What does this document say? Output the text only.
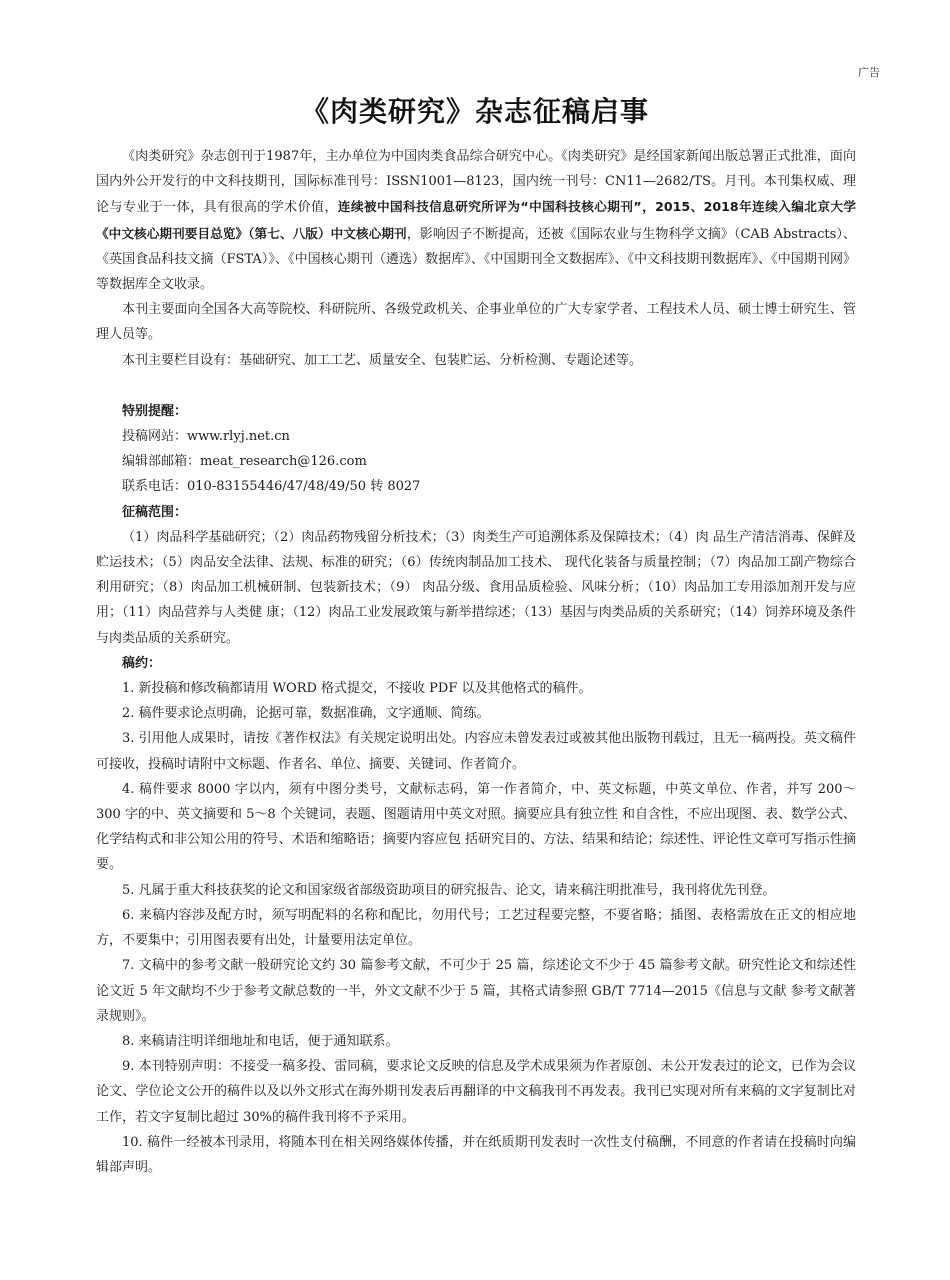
广告
《肉类研究》杂志征稿启事

《肉类研究》杂志创刊于1987年，主办单位为中国肉类食品综合研究中心。《肉类研究》是经国家新闻出版总署正式批准，面向国内外公开发行的中文科技期刊，国际标准刊号：ISSN1001—8123，国内统一刊号：CN11—2682/TS。月刊。本刊集权威、理论与专业于一体，具有很高的学术价值，连续被中国科技信息研究所评为“中国科技核心期刊”，2015、2018年连续入编北京大学《中文核心期刊要目总览》（第七、八版）中文核心期刊，影响因子不断提高，还被《国际农业与生物科学文摘》（CAB Abstracts）、《英国食品科技文摘（FSTA）》、《中国核心期刊（遴选）数据库》、《中国期刊全文数据库》、《中文科技期刊数据库》、《中国期刊网》等数据库全文收录。

本刊主要面向全国各大高等院校、科研院所、各级党政机关、企事业单位的广大专家学者、工程技术人员、硕士博士研究生、管理人员等。

本刊主要栏目设有：基础研究、加工工艺、质量安全、包装贮运、分析检测、专题论述等。

特别提醒：

投稿网站：www.rlyj.net.cn

编辑部邮箱：meat_research@126.com

联系电话：010-83155446/47/48/49/50 转 8027

征稿范围：

（1）肉品科学基础研究；（2）肉品药物残留分析技术；（3）肉类生产可追溯体系及保障技术；（4）肉 品生产清洁消毒、保鲜及贮运技术；（5）肉品安全法律、法规、标准的研究；（6）传统肉制品加工技术、 现代化装备与质量控制；（7）肉品加工副产物综合利用研究；（8）肉品加工机械研制、包装新技术；（9） 肉品分级、食用品质检验、风味分析；（10）肉品加工专用添加剂开发与应用；（11）肉品营养与人类健 康；（12）肉品工业发展政策与新举措综述；（13）基因与肉类品质的关系研究；（14）饲养环境及条件与肉类品质的关系研究。

稿约：

1. 新投稿和修改稿都请用 WORD 格式提交，不接收 PDF 以及其他格式的稿件。

2. 稿件要求论点明确，论据可靠，数据准确，文字通顺、简练。

3. 引用他人成果时，请按《著作权法》有关规定说明出处。内容应未曾发表过或被其他出版物刊载过，且无一稿两投。英文稿件可接收，投稿时请附中文标题、作者名、单位、摘要、关键词、作者简介。

4. 稿件要求 8000 字以内，须有中图分类号，文献标志码，第一作者简介，中、英文标题，中英文单位、作者，并写 200～300 字的中、英文摘要和 5～8 个关键词，表题、图题请用中英文对照。摘要应具有独立性 和自含性，不应出现图、表、数学公式、化学结构式和非公知公用的符号、术语和缩略语；摘要内容应包 括研究目的、方法、结果和结论；综述性、评论性文章可写指示性摘要。

5. 凡属于重大科技获奖的论文和国家级省部级资助项目的研究报告、论文，请来稿注明批准号，我刊将优先刊登。

6. 来稿内容涉及配方时，须写明配料的名称和配比，勿用代号；工艺过程要完整，不要省略；插图、表格需放在正文的相应地方，不要集中；引用图表要有出处，计量要用法定单位。

7. 文稿中的参考文献一般研究论文约 30 篇参考文献，不可少于 25 篇，综述论文不少于 45 篇参考文献。研究性论文和综述性论文近 5 年文献均不少于参考文献总数的一半，外文文献不少于 5 篇，其格式请参照 GB/T 7714—2015《信息与文献 参考文献著录规则》。

8. 来稿请注明详细地址和电话，便于通知联系。

9. 本刊特别声明：不接受一稿多投、雷同稿，要求论文反映的信息及学术成果须为作者原创、未公开发表过的论文，已作为会议论文、学位论文公开的稿件以及以外文形式在海外期刊发表后再翻译的中文稿我刊不再发表。我刊已实现对所有来稿的文字复制比对工作，若文字复制比超过 30%的稿件我刊将不予采用。

10. 稿件一经被本刊录用，将随本刊在相关网络媒体传播，并在纸质期刊发表时一次性支付稿酬，不同意的作者请在投稿时向编辑部声明。
